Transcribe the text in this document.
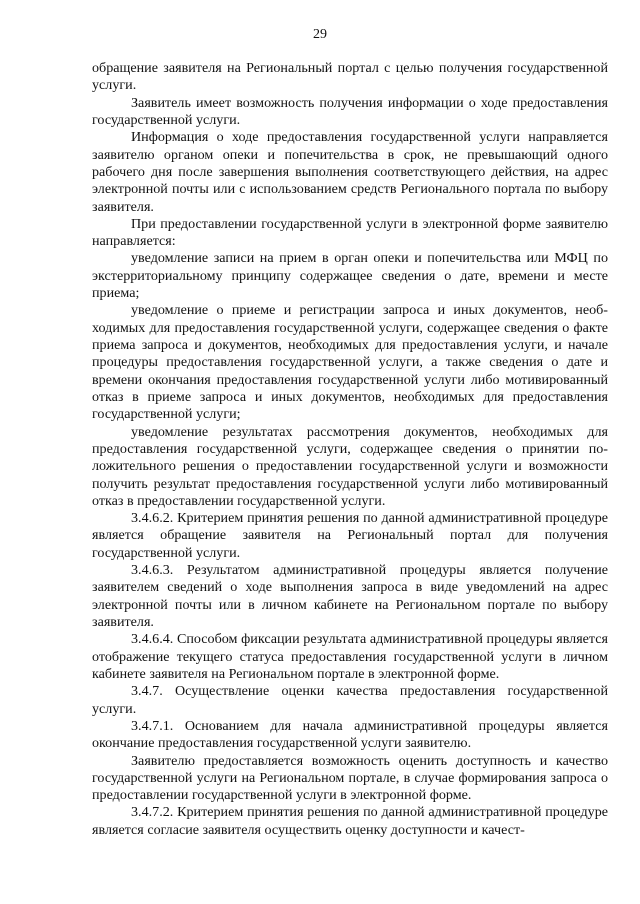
29

обращение заявителя на Региональный портал с целью получения государственной услуги.

Заявитель имеет возможность получения информации о ходе предоставления государственной услуги.

Информация о ходе предоставления государственной услуги направляется заявителю органом опеки и попечительства в срок, не превышающий одного рабочего дня после завершения выполнения соответствующего действия, на адрес электронной почты или с использованием средств Регионального портала по выбору заявителя.

При предоставлении государственной услуги в электронной форме заявителю направляется:

уведомление записи на прием в орган опеки и попечительства или МФЦ по экстерриториальному принципу содержащее сведения о дате, времени и месте приема;

уведомление о приеме и регистрации запроса и иных документов, необходимых для предоставления государственной услуги, содержащее сведения о факте приема запроса и документов, необходимых для предоставления услуги, и начале процедуры предоставления государственной услуги, а также сведения о дате и времени окончания предоставления государственной услуги либо мотивированный отказ в приеме запроса и иных документов, необходимых для предоставления государственной услуги;

уведомление результатах рассмотрения документов, необходимых для предоставления государственной услуги, содержащее сведения о принятии положительного решения о предоставлении государственной услуги и возможности получить результат предоставления государственной услуги либо мотивированный отказ в предоставлении государственной услуги.

3.4.6.2. Критерием принятия решения по данной административной процедуре является обращение заявителя на Региональный портал для получения государственной услуги.

3.4.6.3. Результатом административной процедуры является получение заявителем сведений о ходе выполнения запроса в виде уведомлений на адрес электронной почты или в личном кабинете на Региональном портале по выбору заявителя.

3.4.6.4. Способом фиксации результата административной процедуры является отображение текущего статуса предоставления государственной услуги в личном кабинете заявителя на Региональном портале в электронной форме.

3.4.7. Осуществление оценки качества предоставления государственной услуги.

3.4.7.1. Основанием для начала административной процедуры является окончание предоставления государственной услуги заявителю.

Заявителю предоставляется возможность оценить доступность и качество государственной услуги на Региональном портале, в случае формирования запроса о предоставлении государственной услуги в электронной форме.

3.4.7.2. Критерием принятия решения по данной административной процедуре является согласие заявителя осуществить оценку доступности и качест-
